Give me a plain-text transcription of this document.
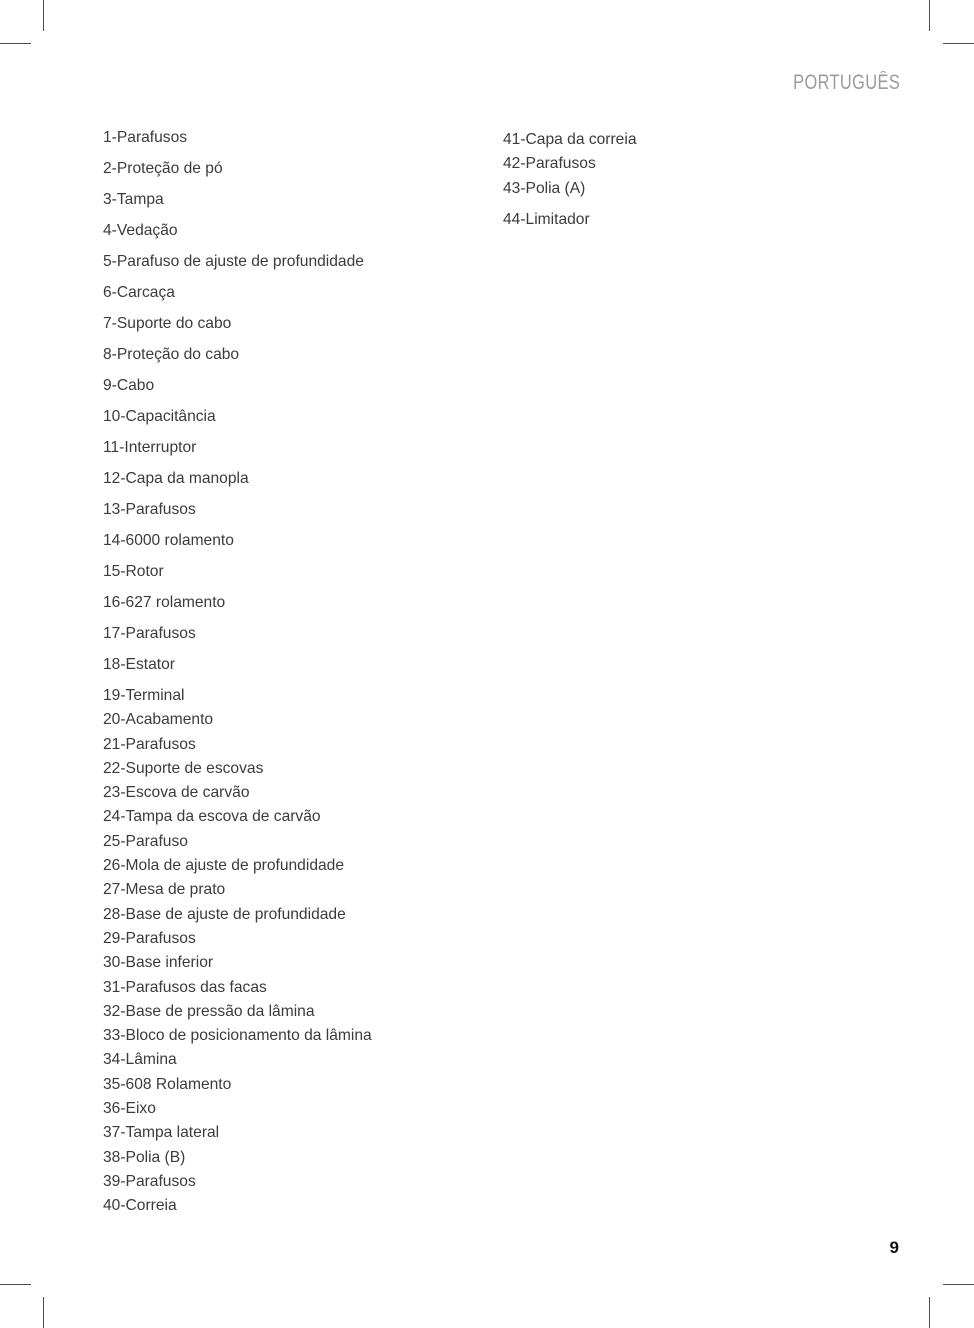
PORTUGUÊS
1-Parafusos
2-Proteção de pó
3-Tampa
4-Vedação
5-Parafuso de ajuste de profundidade
6-Carcaça
7-Suporte do cabo
8-Proteção do cabo
9-Cabo
10-Capacitância
11-Interruptor
12-Capa da manopla
13-Parafusos
14-6000 rolamento
15-Rotor
16-627 rolamento
17-Parafusos
18-Estator
19-Terminal
20-Acabamento
21-Parafusos
22-Suporte de escovas
23-Escova de carvão
24-Tampa da escova de carvão
25-Parafuso
26-Mola de ajuste de profundidade
27-Mesa de prato
28-Base de ajuste de profundidade
29-Parafusos
30-Base inferior
31-Parafusos das facas
32-Base de pressão da lâmina
33-Bloco de posicionamento da lâmina
34-Lâmina
35-608 Rolamento
36-Eixo
37-Tampa lateral
38-Polia (B)
39-Parafusos
40-Correia
41-Capa da correia
42-Parafusos
43-Polia (A)
44-Limitador
9
